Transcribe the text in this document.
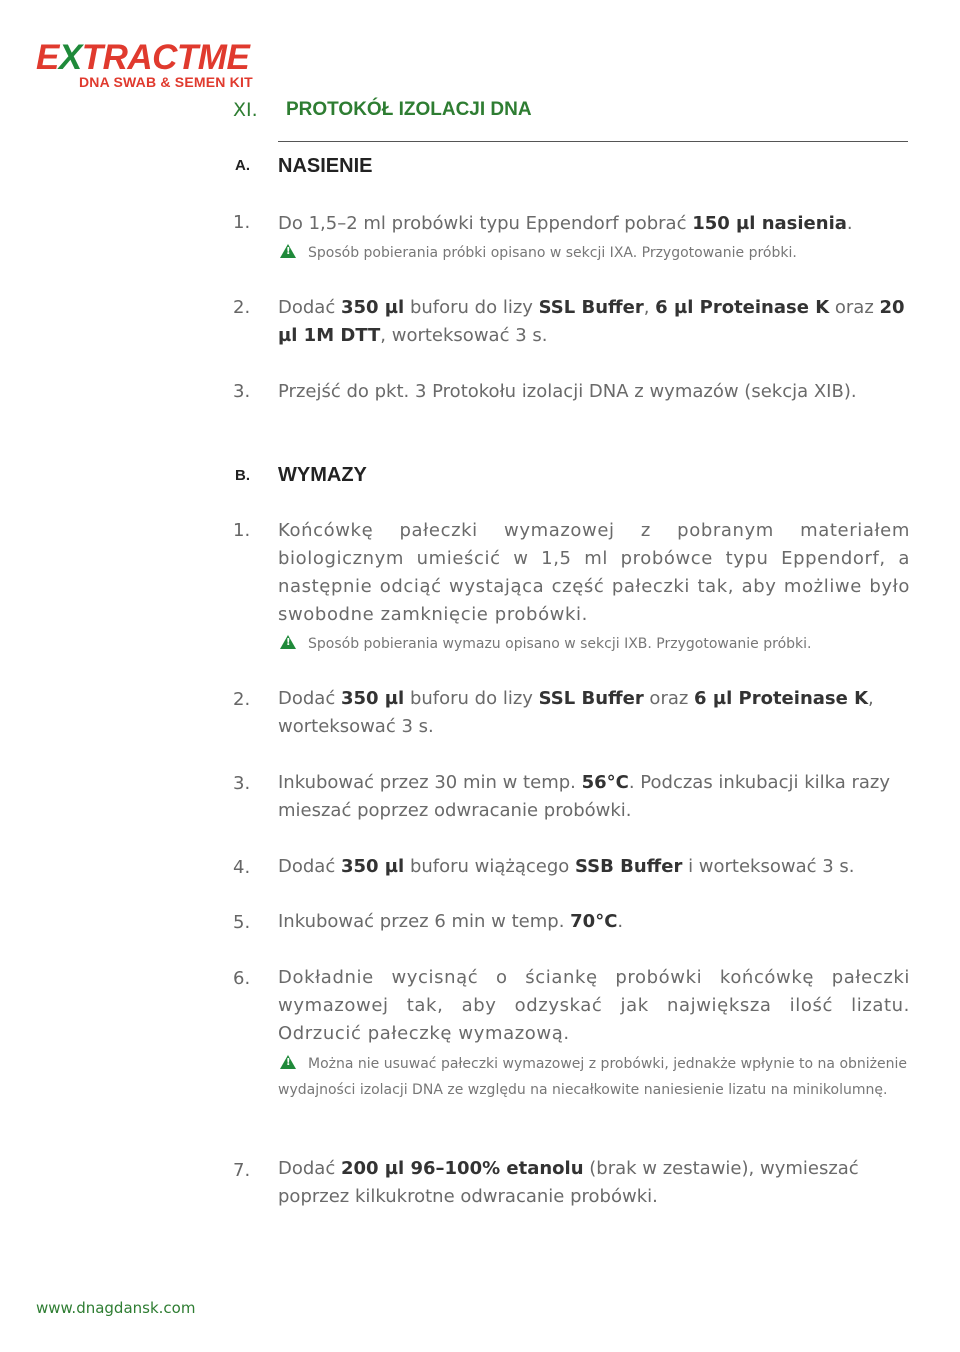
EXTRACTME
DNA SWAB & SEMEN KIT
XI. PROTOKÓŁ IZOLACJI DNA
A. NASIENIE
1. Do 1,5–2 ml probówki typu Eppendorf pobrać 150 µl nasienia.
!Sposób pobierania próbki opisano w sekcji IXA. Przygotowanie próbki.
2. Dodać 350 µl buforu do lizy SSL Buffer, 6 µl Proteinase K oraz 20 µl 1M DTT, worteksować 3 s.
3. Przejść do pkt. 3 Protokołu izolacji DNA z wymazów (sekcja XIB).
B. WYMAZY
1. Końcówkę pałeczki wymazowej z pobranym materiałem biologicznym umieścić w 1,5 ml probówce typu Eppendorf, a następnie odciąć wystająca część pałeczki tak, aby możliwe było swobodne zamknięcie probówki.
!Sposób pobierania wymazu opisano w sekcji IXB. Przygotowanie próbki.
2. Dodać 350 µl buforu do lizy SSL Buffer oraz 6 µl Proteinase K, worteksować 3 s.
3. Inkubować przez 30 min w temp. 56°C. Podczas inkubacji kilka razy mieszać poprzez odwracanie probówki.
4. Dodać 350 µl buforu wiążącego SSB Buffer i worteksować 3 s.
5. Inkubować przez 6 min w temp. 70°C.
6. Dokładnie wycisnąć o ściankę probówki końcówkę pałeczki wymazowej tak, aby odzyskać jak największa ilość lizatu. Odrzucić pałeczkę wymazową.
!Można nie usuwać pałeczki wymazowej z probówki, jednakże wpłynie to na obniżenie wydajności izolacji DNA ze względu na niecałkowite naniesienie lizatu na minikolumnę.
7. Dodać 200 µl 96–100% etanolu (brak w zestawie), wymieszać poprzez kilkukrotne odwracanie probówki.
www.dnagdansk.com
